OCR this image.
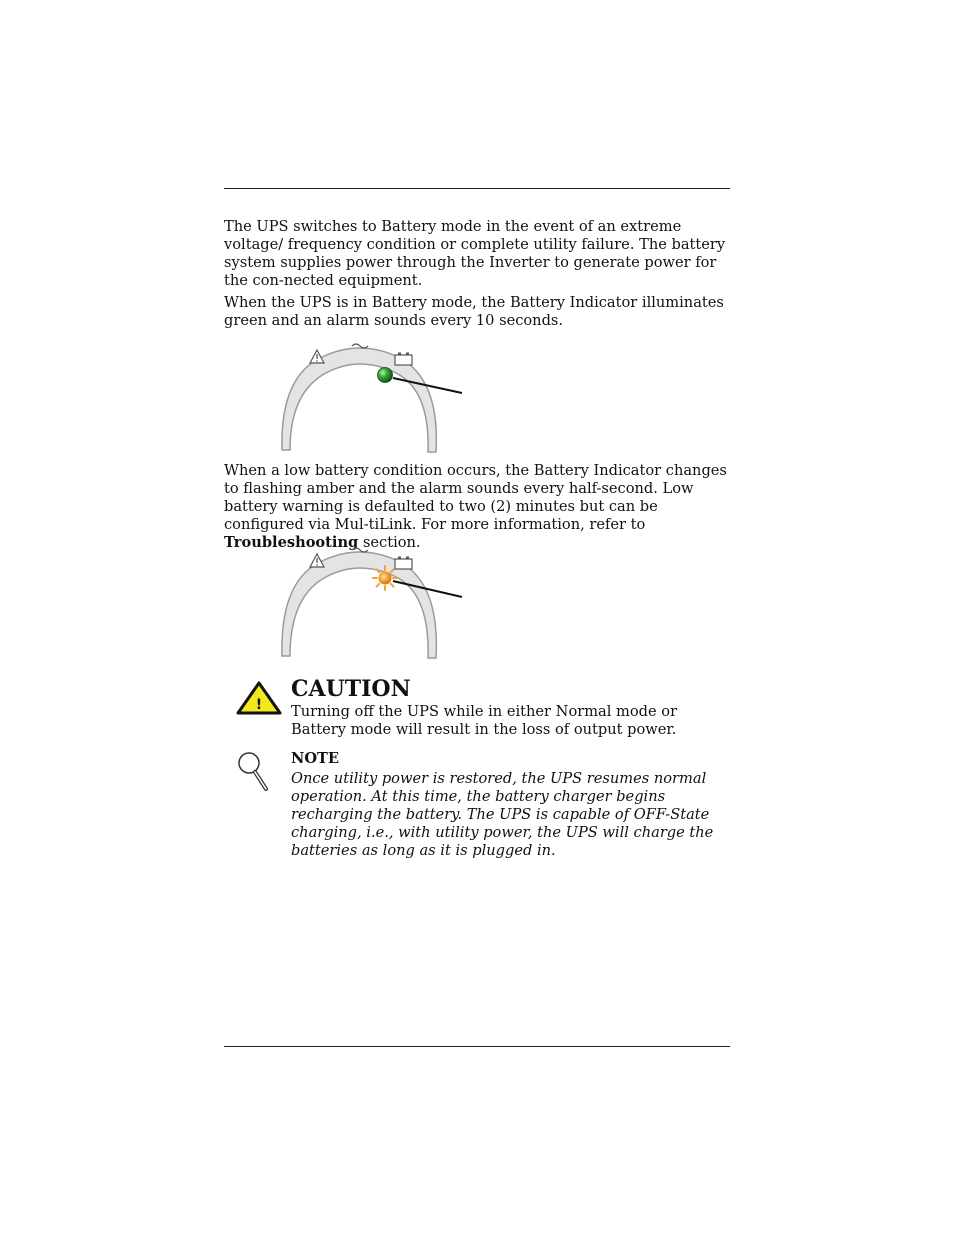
The UPS switches to Battery mode in the event of an extreme voltage/ frequency condition or complete utility failure. The battery system supplies power through the Inverter to generate power for the con-nected equipment.

When the UPS is in Battery mode, the Battery Indicator illuminates green and an alarm sounds every 10 seconds.

When a low battery condition occurs, the Battery Indicator changes to flashing amber and the alarm sounds every half-second. Low battery warning is defaulted to two (2) minutes but can be configured via Mul-tiLink. For more information, refer to Troubleshooting section.

!
CAUTION
Turning off the UPS while in either Normal mode or Battery mode will result in the loss of output power.
NOTE
Once utility power is restored, the UPS resumes normal operation. At this time, the battery charger begins recharging the battery. The UPS is capable of OFF-State charging, i.e., with utility power, the UPS will charge the batteries as long as it is plugged in.
